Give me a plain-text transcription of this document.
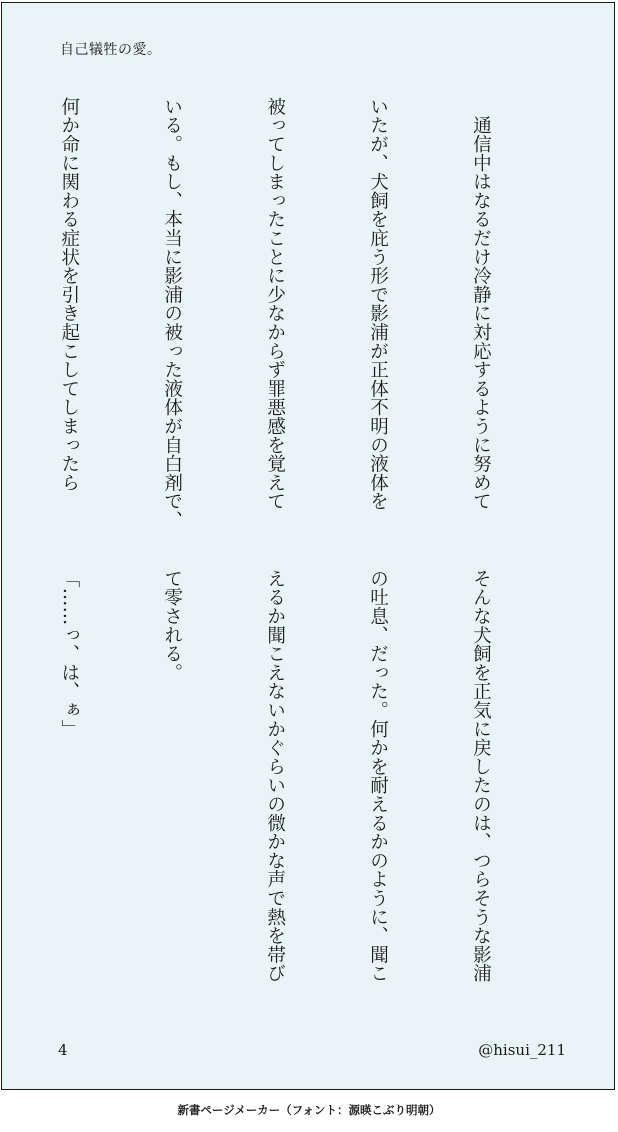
自己犠牲の愛。

　通信中はなるだけ冷静に対応するように努めて

いたが、犬飼を庇う形で影浦が正体不明の液体を

被ってしまったことに少なからず罪悪感を覚えて

いる。もし、本当に影浦の被った液体が自白剤で、

何か命に関わる症状を引き起こしてしまったら

そんな犬飼を正気に戻したのは、つらそうな影浦

の吐息、だった。何かを耐えるかのように、聞こ

えるか聞こえないかぐらいの微かな声で熱を帯び

て零される。

「……っ、は、ぁ」

4	@hisui_211
新書ページメーカー（フォント：源暎こぶり明朝）
